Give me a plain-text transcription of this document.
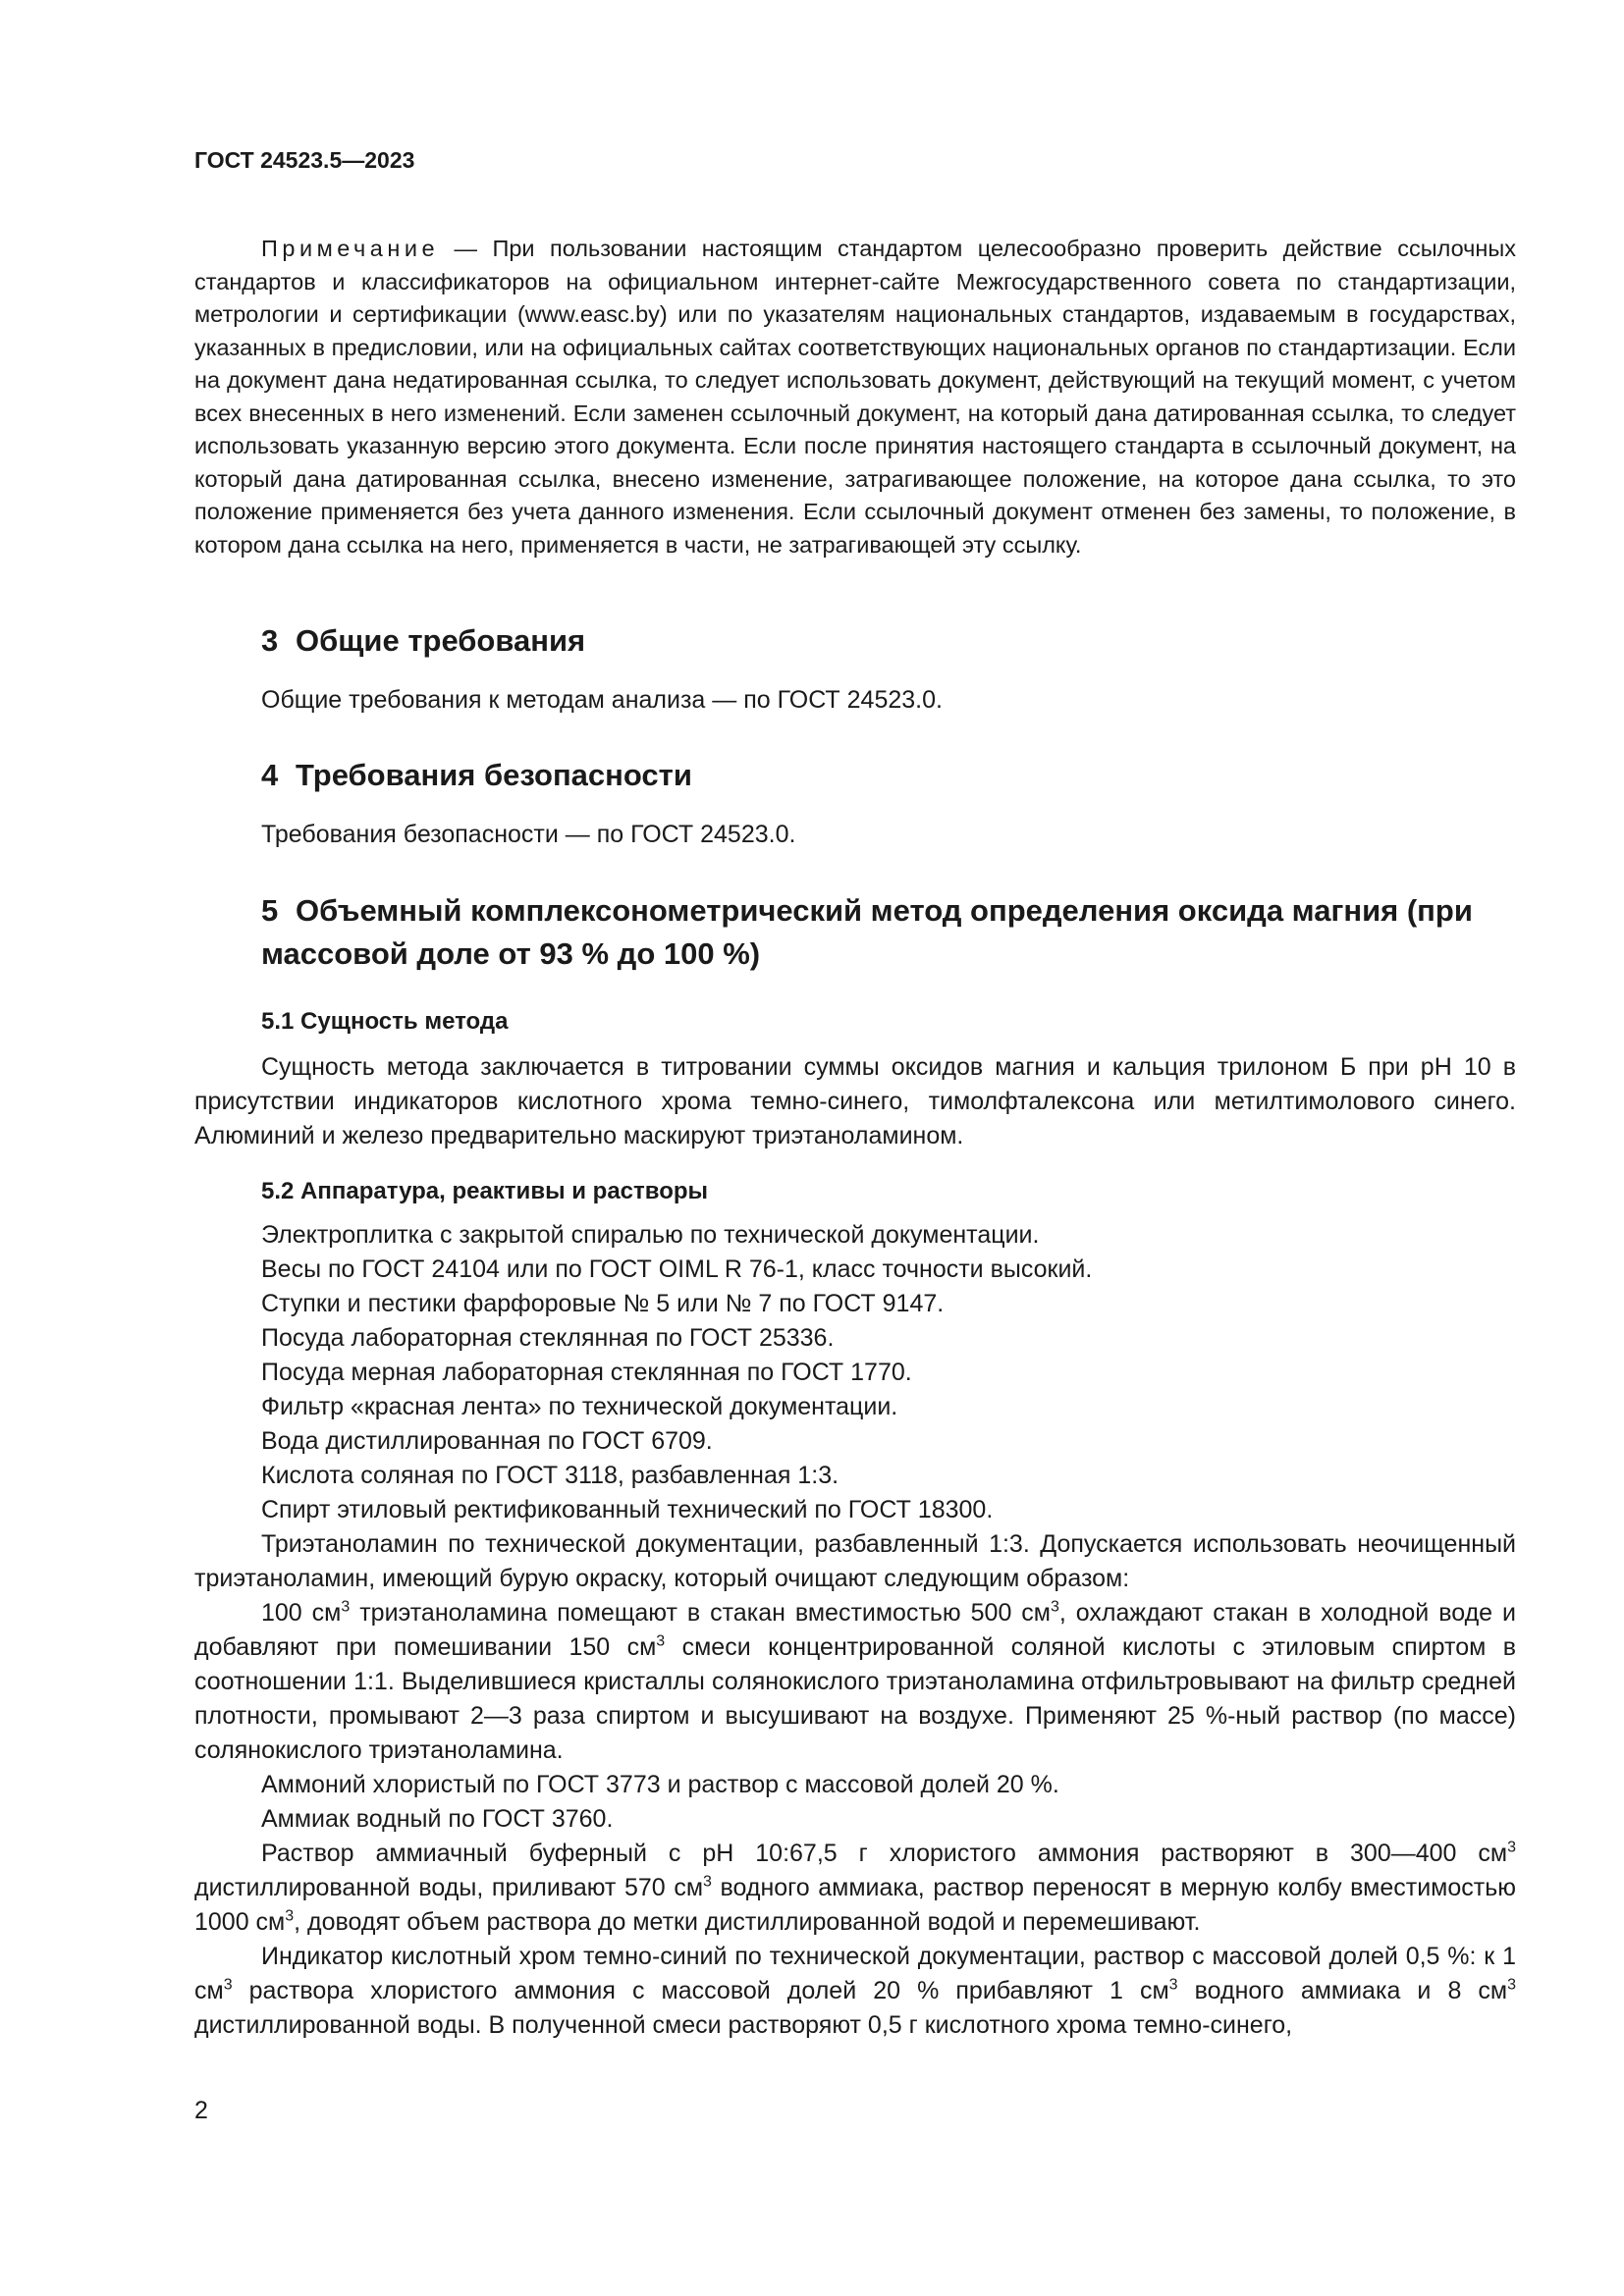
ГОСТ 24523.5—2023

Примечание — При пользовании настоящим стандартом целесообразно проверить действие ссылочных стандартов и классификаторов на официальном интернет-сайте Межгосударственного совета по стандартизации, метрологии и сертификации (www.easc.by) или по указателям национальных стандартов, издаваемым в государствах, указанных в предисловии, или на официальных сайтах соответствующих национальных органов по стандартизации. Если на документ дана недатированная ссылка, то следует использовать документ, действующий на текущий момент, с учетом всех внесенных в него изменений. Если заменен ссылочный документ, на который дана датированная ссылка, то следует использовать указанную версию этого документа. Если после принятия настоящего стандарта в ссылочный документ, на который дана датированная ссылка, внесено изменение, затрагивающее положение, на которое дана ссылка, то это положение применяется без учета данного изменения. Если ссылочный документ отменен без замены, то положение, в котором дана ссылка на него, применяется в части, не затрагивающей эту ссылку.

3 Общие требования

Общие требования к методам анализа — по ГОСТ 24523.0.

4 Требования безопасности

Требования безопасности — по ГОСТ 24523.0.

5 Объемный комплексонометрический метод определения оксида магния (при массовой доле от 93 % до 100 %)

5.1 Сущность метода

Сущность метода заключается в титровании суммы оксидов магния и кальция трилоном Б при pH 10 в присутствии индикаторов кислотного хрома темно-синего, тимолфталексона или метилтимолового синего. Алюминий и железо предварительно маскируют триэтаноламином.

5.2 Аппаратура, реактивы и растворы

Электроплитка с закрытой спиралью по технической документации.

Весы по ГОСТ 24104 или по ГОСТ OIML R 76-1, класс точности высокий.

Ступки и пестики фарфоровые № 5 или № 7 по ГОСТ 9147.

Посуда лабораторная стеклянная по ГОСТ 25336.

Посуда мерная лабораторная стеклянная по ГОСТ 1770.

Фильтр «красная лента» по технической документации.

Вода дистиллированная по ГОСТ 6709.

Кислота соляная по ГОСТ 3118, разбавленная 1:3.

Спирт этиловый ректификованный технический по ГОСТ 18300.

Триэтаноламин по технической документации, разбавленный 1:3. Допускается использовать неочищенный триэтаноламин, имеющий бурую окраску, который очищают следующим образом:

100 $см^3$ триэтаноламина помещают в стакан вместимостью 500 $см^3$, охлаждают стакан в холодной воде и добавляют при помешивании 150 $см^3$ смеси концентрированной соляной кислоты с этиловым спиртом в соотношении 1:1. Выделившиеся кристаллы солянокислого триэтаноламина отфильтровывают на фильтр средней плотности, промывают 2—3 раза спиртом и высушивают на воздухе. Применяют 25 %-ный раствор (по массе) солянокислого триэтаноламина.

Аммоний хлористый по ГОСТ 3773 и раствор с массовой долей 20 %.

Аммиак водный по ГОСТ 3760.

Раствор аммиачный буферный с pH 10:67,5 г хлористого аммония растворяют в 300—400 $см^3$ дистиллированной воды, приливают 570 $см^3$ водного аммиака, раствор переносят в мерную колбу вместимостью 1000 $см^3$, доводят объем раствора до метки дистиллированной водой и перемешивают.

Индикатор кислотный хром темно-синий по технической документации, раствор с массовой долей 0,5 %: к 1 $см^3$ раствора хлористого аммония с массовой долей 20 % прибавляют 1 $см^3$ водного аммиака и 8 $см^3$ дистиллированной воды. В полученной смеси растворяют 0,5 г кислотного хрома темно-синего,

2
